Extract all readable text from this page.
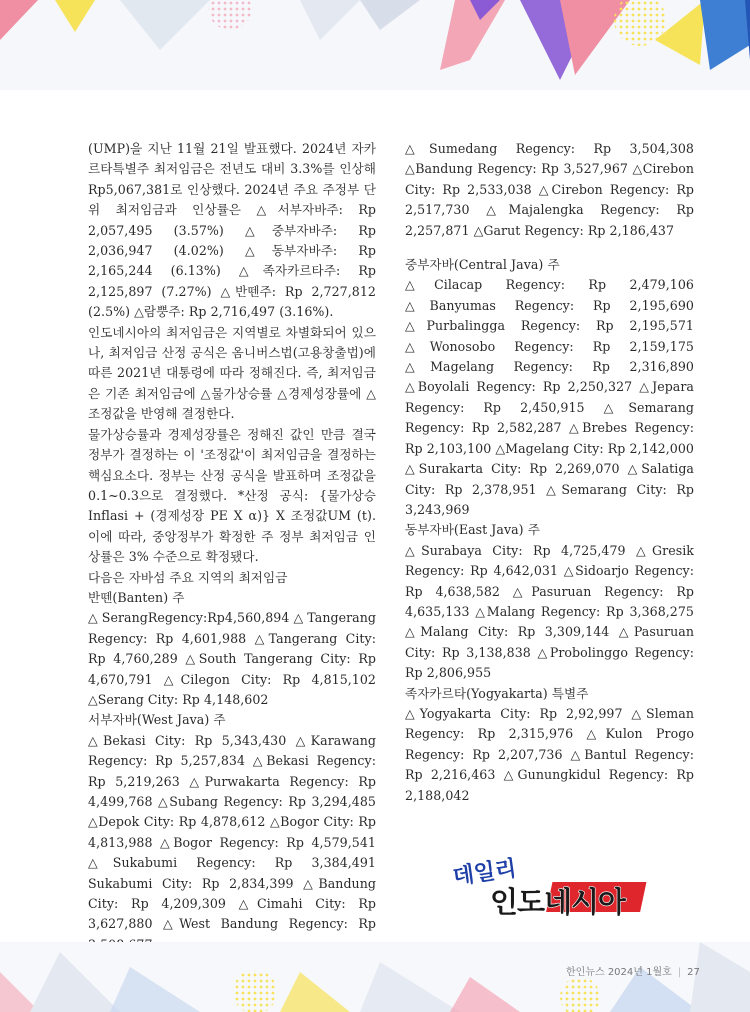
(UMP)을 지난 11월 21일 발표했다. 2024년 자카르타특별주 최저임금은 전년도 대비 3.3%를 인상해 Rp5,067,381로 인상했다. 2024년 주요 주정부 단위 최저임금과 인상률은 △서부자바주: Rp 2,057,495 (3.57%) △중부자바주: Rp 2,036,947 (4.02%) △동부자바주: Rp 2,165,244 (6.13%) △족자카르타주: Rp 2,125,897 (7.27%) △반뗀주: Rp 2,727,812 (2.5%) △람뿡주: Rp 2,716,497 (3.16%).

인도네시아의 최저임금은 지역별로 차별화되어 있으나, 최저임금 산정 공식은 옴니버스법(고용창출법)에 따른 2021년 대통령에 따라 정해진다. 즉, 최저임금은 기존 최저임금에 △물가상승률 △경제성장률에 △조정값을 반영해 결정한다.

물가상승률과 경제성장률은 정해진 값인 만큼 결국 정부가 결정하는 이 '조정값'이 최저임금을 결정하는 핵심요소다. 정부는 산정 공식을 발표하며 조정값을 0.1~0.3으로 결정했다. *산정 공식: {물가상승 Inflasi + (경제성장 PE X α)} X 조정값UM (t). 이에 따라, 중앙정부가 확정한 주 정부 최저임금 인상률은 3% 수준으로 확정됐다.

다음은 자바섬 주요 지역의 최저임금

반뗀(Banten) 주

△SerangRegency:Rp4,560,894△Tangerang Regency: Rp 4,601,988 △Tangerang City: Rp 4,760,289 △South Tangerang City: Rp 4,670,791 △Cilegon City: Rp 4,815,102 △Serang City: Rp 4,148,602

서부자바(West Java) 주

△Bekasi City: Rp 5,343,430 △Karawang Regency: Rp 5,257,834 △Bekasi Regency: Rp 5,219,263 △Purwakarta Regency: Rp 4,499,768 △Subang Regency: Rp 3,294,485 △Depok City: Rp 4,878,612 △Bogor City: Rp 4,813,988 △Bogor Regency: Rp 4,579,541 △Sukabumi Regency: Rp 3,384,491 Sukabumi City: Rp 2,834,399 △Bandung City: Rp 4,209,309 △Cimahi City: Rp 3,627,880 △West Bandung Regency: Rp

△Sumedang Regency: Rp 3,504,308 △Bandung Regency: Rp 3,527,967 △Cirebon City: Rp 2,533,038 △Cirebon Regency: Rp 2,517,730 △Majalengka Regency: Rp 2,257,871 △Garut Regency: Rp 2,186,437

중부자바(Central Java) 주

△Cilacap Regency: Rp 2,479,106 △Banyumas Regency: Rp 2,195,690 △Purbalingga Regency: Rp 2,195,571 △Wonosobo Regency: Rp 2,159,175 △Magelang Regency: Rp 2,316,890 △Boyolali Regency: Rp 2,250,327 △Jepara Regency: Rp 2,450,915 △Semarang Regency: Rp 2,582,287 △Brebes Regency: Rp 2,103,100 △Magelang City: Rp 2,142,000 △Surakarta City: Rp 2,269,070 △Salatiga City: Rp 2,378,951 △Semarang City: Rp 3,243,969

동부자바(East Java) 주

△Surabaya City: Rp 4,725,479 △Gresik Regency: Rp 4,642,031 △Sidoarjo Regency: Rp 4,638,582 △Pasuruan Regency: Rp 4,635,133 △Malang Regency: Rp 3,368,275 △Malang City: Rp 3,309,144 △Pasuruan City: Rp 3,138,838 △Probolinggo Regency: Rp 2,806,955

족자카르타(Yogyakarta) 특별주

△Yogyakarta City: Rp 2,92,997 △Sleman Regency: Rp 2,315,976 △Kulon Progo Regency: Rp 2,207,736 △Bantul Regency: Rp 2,216,463 △Gunungkidul Regency: Rp 2,188,042

데일리
인도네시아
한인뉴스 2024년 1월호 | 27
